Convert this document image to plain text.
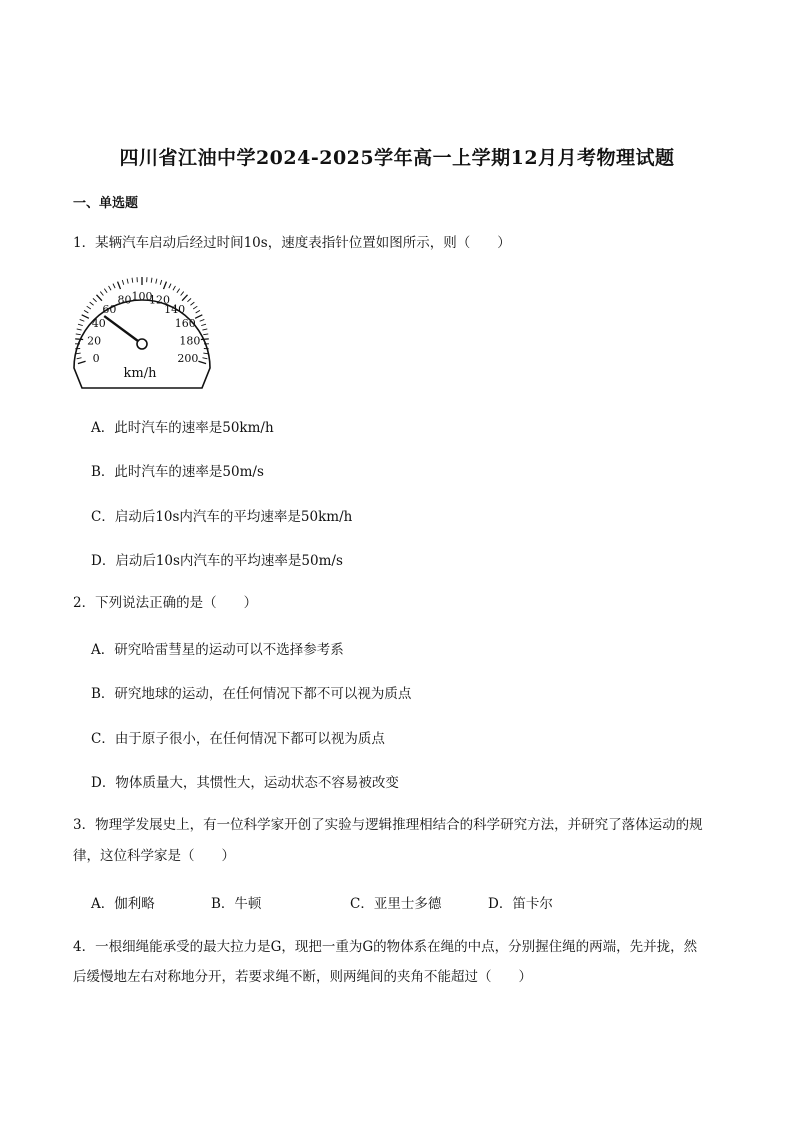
四川省江油中学2024-2025学年高一上学期12月月考物理试题
一、单选题
1．某辆汽车启动后经过时间10s，速度表指针位置如图所示，则（　　）
0
20
40
60
80 100
120
140
160
180
200
km/h
A．此时汽车的速率是50km/h
B．此时汽车的速率是50m/s
C．启动后10s内汽车的平均速率是50km/h
D．启动后10s内汽车的平均速率是50m/s
2．下列说法正确的是（　　）
A．研究哈雷彗星的运动可以不选择参考系
B．研究地球的运动，在任何情况下都不可以视为质点
C．由于原子很小，在任何情况下都可以视为质点
D．物体质量大，其惯性大，运动状态不容易被改变
3．物理学发展史上，有一位科学家开创了实验与逻辑推理相结合的科学研究方法，并研究了落体运动的规
律，这位科学家是（　　）
A．伽利略	B．牛顿	C．亚里士多德	D．笛卡尔
4．一根细绳能承受的最大拉力是G，现把一重为G的物体系在绳的中点，分别握住绳的两端，先并拢，然
后缓慢地左右对称地分开，若要求绳不断，则两绳间的夹角不能超过（　　）
